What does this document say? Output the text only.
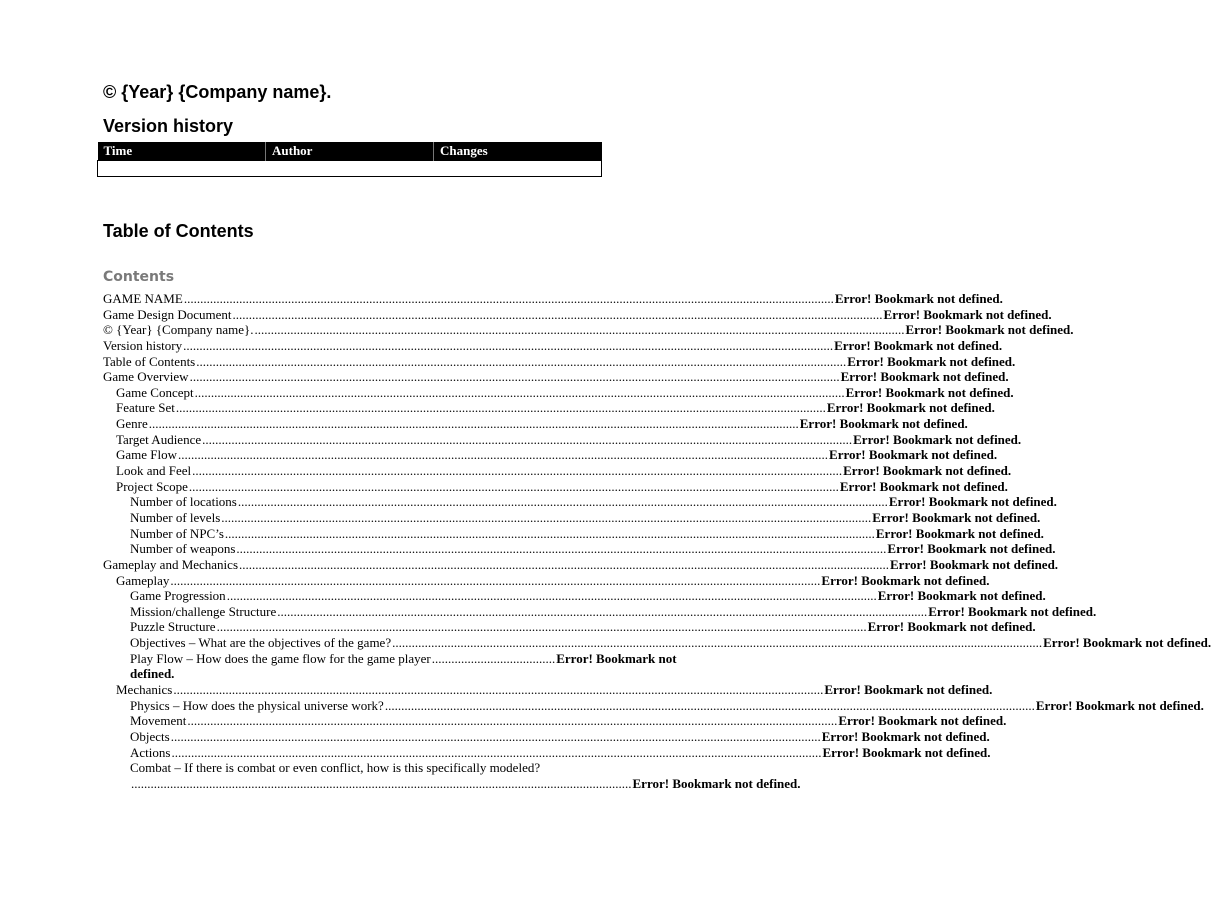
© {Year} {Company name}.
Version history
Time	Author	Changes

Table of Contents
Contents
GAME NAME ........................................................................................................................................................................................................ Error! Bookmark not defined.
Game Design Document ........................................................................................................................................................................................................ Error! Bookmark not defined.
© {Year} {Company name}. ........................................................................................................................................................................................................ Error! Bookmark not defined.
Version history ........................................................................................................................................................................................................ Error! Bookmark not defined.
Table of Contents ........................................................................................................................................................................................................ Error! Bookmark not defined.
Game Overview ........................................................................................................................................................................................................ Error! Bookmark not defined.
Game Concept ........................................................................................................................................................................................................ Error! Bookmark not defined.
Feature Set ........................................................................................................................................................................................................ Error! Bookmark not defined.
Genre ........................................................................................................................................................................................................ Error! Bookmark not defined.
Target Audience ........................................................................................................................................................................................................ Error! Bookmark not defined.
Game Flow ........................................................................................................................................................................................................ Error! Bookmark not defined.
Look and Feel ........................................................................................................................................................................................................ Error! Bookmark not defined.
Project Scope ........................................................................................................................................................................................................ Error! Bookmark not defined.
Number of locations ........................................................................................................................................................................................................ Error! Bookmark not defined.
Number of levels ........................................................................................................................................................................................................ Error! Bookmark not defined.
Number of NPC’s ........................................................................................................................................................................................................ Error! Bookmark not defined.
Number of weapons ........................................................................................................................................................................................................ Error! Bookmark not defined.
Gameplay and Mechanics ........................................................................................................................................................................................................ Error! Bookmark not defined.
Gameplay ........................................................................................................................................................................................................ Error! Bookmark not defined.
Game Progression ........................................................................................................................................................................................................ Error! Bookmark not defined.
Mission/challenge Structure ........................................................................................................................................................................................................ Error! Bookmark not defined.
Puzzle Structure ........................................................................................................................................................................................................ Error! Bookmark not defined.
Objectives – What are the objectives of the game? ........................................................................................................................................................................................................ Error! Bookmark not defined.
Play Flow – How does the game flow for the game player ...................................... Error! Bookmark not
defined.
Mechanics ........................................................................................................................................................................................................ Error! Bookmark not defined.
Physics – How does the physical universe work? ........................................................................................................................................................................................................ Error! Bookmark not defined.
Movement ........................................................................................................................................................................................................ Error! Bookmark not defined.
Objects ........................................................................................................................................................................................................ Error! Bookmark not defined.
Actions ........................................................................................................................................................................................................ Error! Bookmark not defined.
Combat – If there is combat or even conflict, how is this specifically modeled?
.......................................................................................................................................................... Error! Bookmark not defined.
